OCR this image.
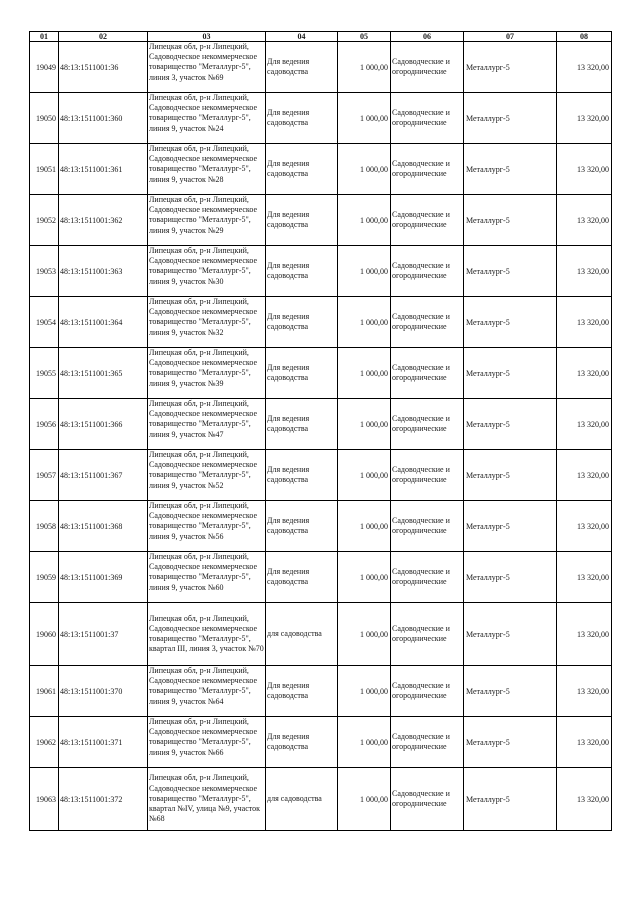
01	02	03	04	05	06	07	08
19049	48:13:1511001:36	Липецкая обл, р-н Липецкий, Садоводческое некоммерческое товарищество "Металлург-5", линия 3, участок №69	Для ведения садоводства	1 000,00	Садоводческие и огороднические	Металлург-5	13 320,00
19050	48:13:1511001:360	Липецкая обл, р-н Липецкий, Садоводческое некоммерческое товарищество "Металлург-5", линия 9, участок №24	Для ведения садоводства	1 000,00	Садоводческие и огороднические	Металлург-5	13 320,00
19051	48:13:1511001:361	Липецкая обл, р-н Липецкий, Садоводческое некоммерческое товарищество "Металлург-5", линия 9, участок №28	Для ведения садоводства	1 000,00	Садоводческие и огороднические	Металлург-5	13 320,00
19052	48:13:1511001:362	Липецкая обл, р-н Липецкий, Садоводческое некоммерческое товарищество "Металлург-5", линия 9, участок №29	Для ведения садоводства	1 000,00	Садоводческие и огороднические	Металлург-5	13 320,00
19053	48:13:1511001:363	Липецкая обл, р-н Липецкий, Садоводческое некоммерческое товарищество "Металлург-5", линия 9, участок №30	Для ведения садоводства	1 000,00	Садоводческие и огороднические	Металлург-5	13 320,00
19054	48:13:1511001:364	Липецкая обл, р-н Липецкий, Садоводческое некоммерческое товарищество "Металлург-5", линия 9, участок №32	Для ведения садоводства	1 000,00	Садоводческие и огороднические	Металлург-5	13 320,00
19055	48:13:1511001:365	Липецкая обл, р-н Липецкий, Садоводческое некоммерческое товарищество "Металлург-5", линия 9, участок №39	Для ведения садоводства	1 000,00	Садоводческие и огороднические	Металлург-5	13 320,00
19056	48:13:1511001:366	Липецкая обл, р-н Липецкий, Садоводческое некоммерческое товарищество "Металлург-5", линия 9, участок №47	Для ведения садоводства	1 000,00	Садоводческие и огороднические	Металлург-5	13 320,00
19057	48:13:1511001:367	Липецкая обл, р-н Липецкий, Садоводческое некоммерческое товарищество "Металлург-5", линия 9, участок №52	Для ведения садоводства	1 000,00	Садоводческие и огороднические	Металлург-5	13 320,00
19058	48:13:1511001:368	Липецкая обл, р-н Липецкий, Садоводческое некоммерческое товарищество "Металлург-5", линия 9, участок №56	Для ведения садоводства	1 000,00	Садоводческие и огороднические	Металлург-5	13 320,00
19059	48:13:1511001:369	Липецкая обл, р-н Липецкий, Садоводческое некоммерческое товарищество "Металлург-5", линия 9, участок №60	Для ведения садоводства	1 000,00	Садоводческие и огороднические	Металлург-5	13 320,00
19060	48:13:1511001:37	Липецкая обл, р-н Липецкий, Садоводческое некоммерческое товарищество "Металлург-5", квартал III, линия 3, участок №70	для садоводства	1 000,00	Садоводческие и огороднические	Металлург-5	13 320,00
19061	48:13:1511001:370	Липецкая обл, р-н Липецкий, Садоводческое некоммерческое товарищество "Металлург-5", линия 9, участок №64	Для ведения садоводства	1 000,00	Садоводческие и огороднические	Металлург-5	13 320,00
19062	48:13:1511001:371	Липецкая обл, р-н Липецкий, Садоводческое некоммерческое товарищество "Металлург-5", линия 9, участок №66	Для ведения садоводства	1 000,00	Садоводческие и огороднические	Металлург-5	13 320,00
19063	48:13:1511001:372	Липецкая обл, р-н Липецкий, Садоводческое некоммерческое товарищество "Металлург-5", квартал №IV, улица №9, участок №68	для садоводства	1 000,00	Садоводческие и огороднические	Металлург-5	13 320,00
